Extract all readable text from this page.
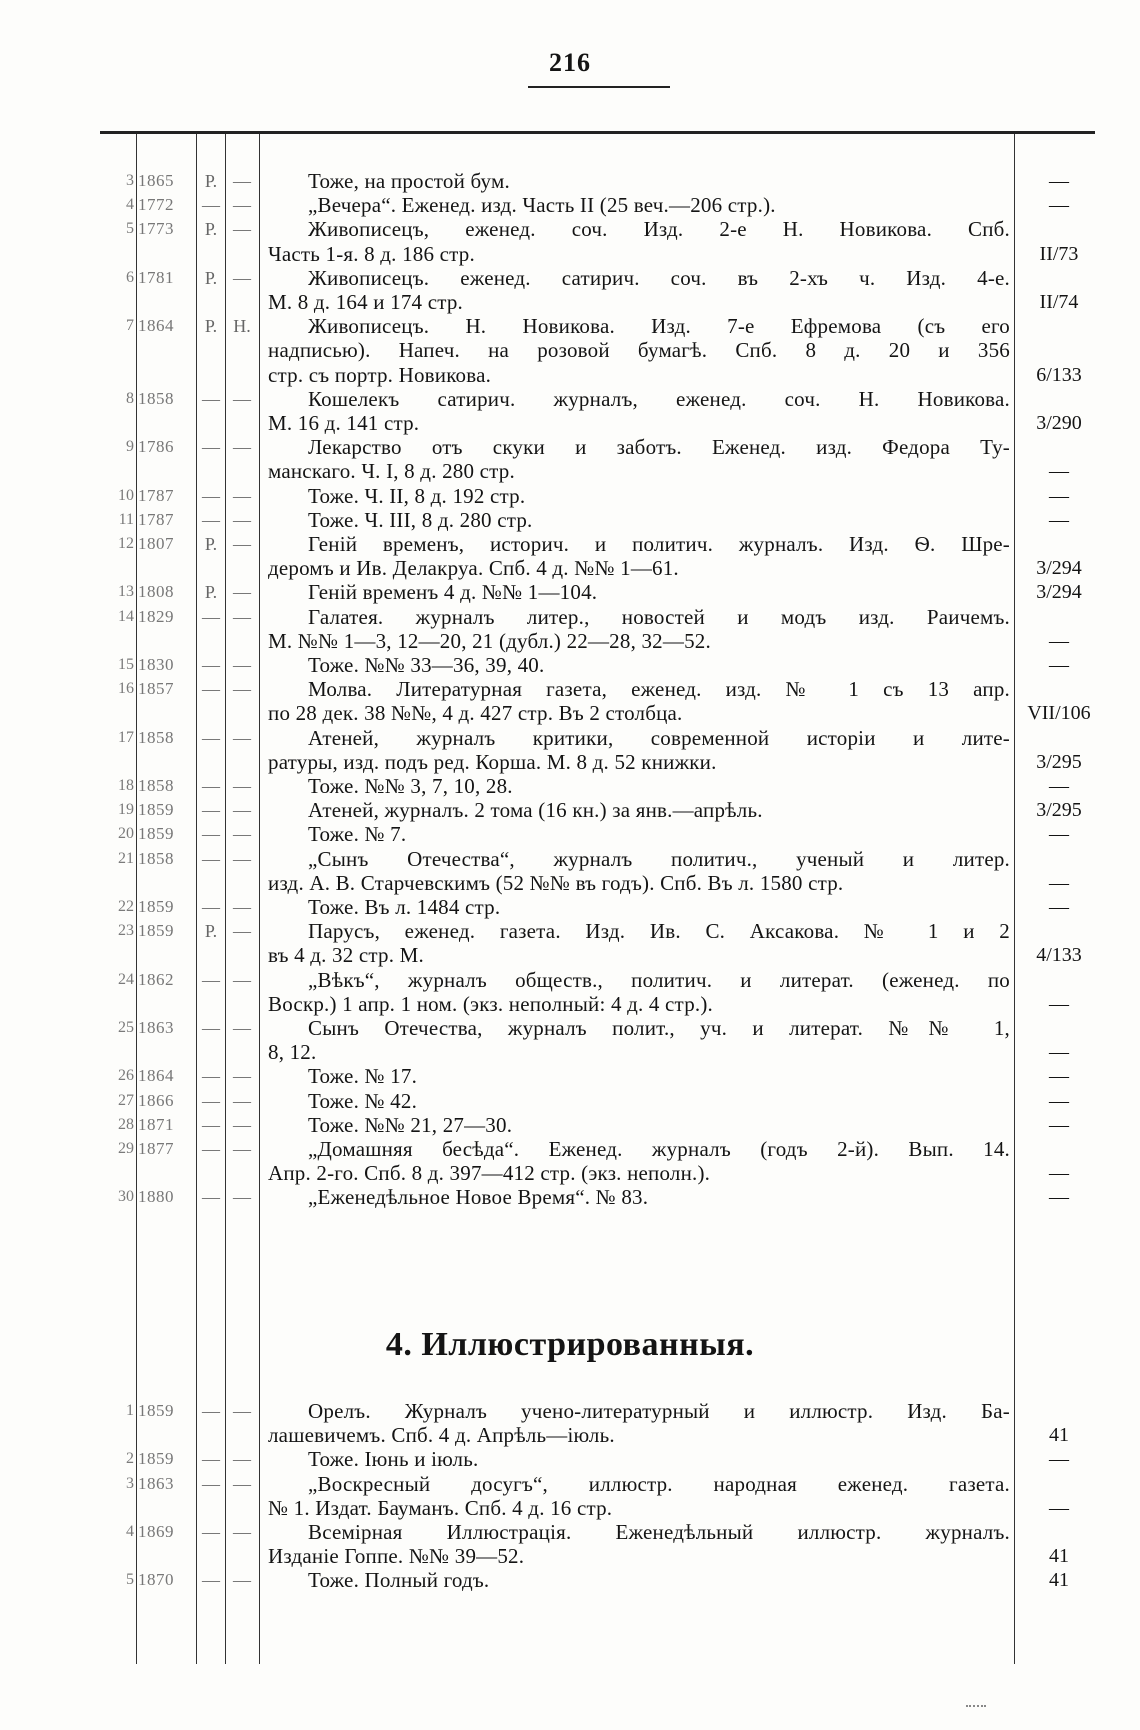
216
3 1865	Р. —	Тоже, на простой бум.	—
4 1772	— —	„Вечера“. Еженед. изд. Часть II (25 веч.—206 стр.).	—
5 1773	Р. —	Живописецъ, еженед. соч. Изд. 2-е Н. Новикова. Спб.
Часть 1-я. 8 д. 186 стр.	II/73
6 1781	Р. —	Живописецъ. еженед. сатирич. соч. въ 2-хъ ч. Изд. 4-е.
М. 8 д. 164 и 174 стр.	II/74
7 1864	Р. Н.	Живописецъ. Н. Новикова. Изд. 7-е Ефремова (съ его
надписью). Напеч. на розовой бумагѣ. Спб. 8 д. 20 и 356
стр. съ портр. Новикова.	6/133
8 1858	— —	Кошелекъ сатирич. журналъ, еженед. соч. Н. Новикова.
М. 16 д. 141 стр.	3/290
9 1786	— —	Лекарство отъ скуки и заботъ. Еженед. изд. Федора Ту-
манскаго. Ч. I, 8 д. 280 стр.	—
10 1787	— —	Тоже. Ч. II, 8 д. 192 стр.	—
11 1787	— —	Тоже. Ч. III, 8 д. 280 стр.	—
12 1807	Р. —	Генiй временъ, историч. и политич. журналъ. Изд. Ѳ. Шре-
деромъ и Ив. Делакруа. Спб. 4 д. №№ 1—61.	3/294
13 1808	Р. —	Генiй временъ 4 д. №№ 1—104.	3/294
14 1829	— —	Галатея. журналъ литер., новостей и модъ изд. Раичемъ.
М. №№ 1—3, 12—20, 21 (дубл.) 22—28, 32—52.	—
15 1830	— —	Тоже. №№ 33—36, 39, 40.	—
16 1857	— —	Молва. Литературная газета, еженед. изд. № 1 съ 13 апр.
по 28 дек. 38 №№, 4 д. 427 стр. Въ 2 столбца.	VII/106
17 1858	— —	Атеней, журналъ критики, современной исторiи и лите-
ратуры, изд. подъ ред. Корша. М. 8 д. 52 книжки.	3/295
18 1858	— —	Тоже. №№ 3, 7, 10, 28.	—
19 1859	— —	Атеней, журналъ. 2 тома (16 кн.) за янв.—апрѣль.	3/295
20 1859	— —	Тоже. № 7.	—
21 1858	— —	„Сынъ Отечества“, журналъ политич., ученый и литер.
изд. А. В. Старчевскимъ (52 №№ въ годъ). Спб. Въ л. 1580 стр.	—
22 1859	— —	Тоже. Въ л. 1484 стр.	—
23 1859	Р. —	Парусъ, еженед. газета. Изд. Ив. С. Аксакова. № 1 и 2
въ 4 д. 32 стр. М.	4/133
24 1862	— —	„Вѣкъ“, журналъ обществ., политич. и литерат. (еженед. по
Воскр.) 1 апр. 1 ном. (экз. неполный: 4 д. 4 стр.).	—
25 1863	— —	Сынъ Отечества, журналъ полит., уч. и литерат. №№ 1,
8, 12.	—
26 1864	— —	Тоже. № 17.	—
27 1866	— —	Тоже. № 42.	—
28 1871	— —	Тоже. №№ 21, 27—30.	—
29 1877	— —	„Домашняя бесѣда“. Еженед. журналъ (годъ 2-й). Вып. 14.
Апр. 2-го. Спб. 8 д. 397—412 стр. (экз. неполн.).	—
30 1880	— —	„Еженедѣльное Новое Время“. № 83.	—
4. Иллюстрированныя.
1 1859	— —	Орелъ. Журналъ учено-литературный и иллюстр. Изд. Ба-
лашевичемъ. Спб. 4 д. Апрѣль—iюль.	41
2 1859	— —	Тоже. Iюнь и iюль.	—
3 1863	— —	„Воскресный досугъ“, иллюстр. народная еженед. газета.
№ 1. Издат. Бауманъ. Спб. 4 д. 16 стр.	—
4 1869	— —	Всемiрная Иллюстрацiя. Еженедѣльный иллюстр. журналъ.
Изданiе Гоппе. №№ 39—52.	41
5 1870	— —	Тоже. Полный годъ.	41
